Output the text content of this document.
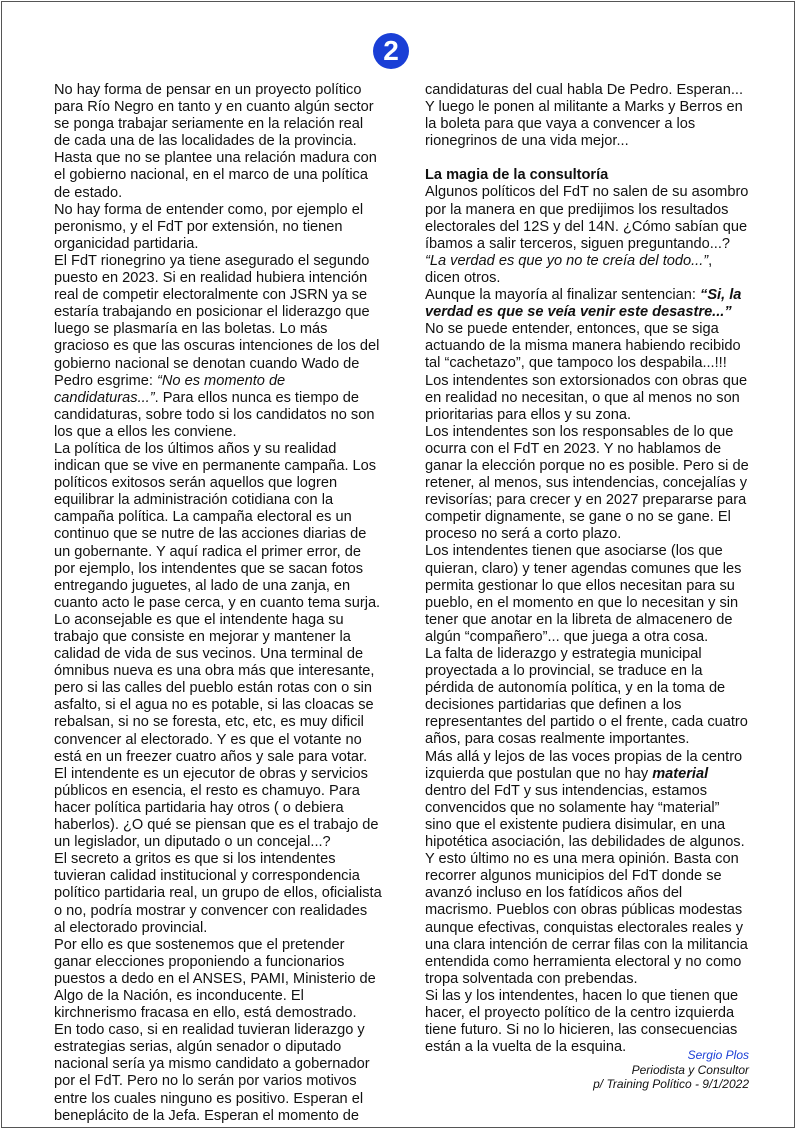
2

No hay forma de pensar en un proyecto político para Río Negro en tanto y en cuanto algún sector se ponga trabajar seriamente en la relación real de cada una de las localidades de la provincia. Hasta que no se plantee una relación madura con el gobierno nacional, en el marco de una política de estado.

No hay forma de entender como, por ejemplo el peronismo, y el FdT por extensión, no tienen organicidad partidaria.

El FdT rionegrino ya tiene asegurado el segundo puesto en 2023. Si en realidad hubiera intención real de competir electoralmente con JSRN ya se estaría trabajando en posicionar el liderazgo que luego se plasmaría en las boletas. Lo más gracioso es que las oscuras intenciones de los del gobierno nacional se denotan cuando Wado de Pedro esgrime: “No es momento de candidaturas...”. Para ellos nunca es tiempo de candidaturas, sobre todo si los candidatos no son los que a ellos les conviene.

La política de los últimos años y su realidad indican que se vive en permanente campaña. Los políticos exitosos serán aquellos que logren equilibrar la administración cotidiana con la campaña política. La campaña electoral es un continuo que se nutre de las acciones diarias de un gobernante. Y aquí radica el primer error, de por ejemplo, los intendentes que se sacan fotos entregando juguetes, al lado de una zanja, en cuanto acto le pase cerca, y en cuanto tema surja. Lo aconsejable es que el intendente haga su trabajo que consiste en mejorar y mantener la calidad de vida de sus vecinos. Una terminal de ómnibus nueva es una obra más que interesante, pero si las calles del pueblo están rotas con o sin asfalto, si el agua no es potable, si las cloacas se rebalsan, si no se foresta, etc, etc, es muy dificil convencer al electorado. Y es que el votante no está en un freezer cuatro años y sale para votar.

El intendente es un ejecutor de obras y servicios públicos en esencia, el resto es chamuyo. Para hacer política partidaria hay otros ( o debiera haberlos). ¿O qué se piensan que es el trabajo de un legislador, un diputado o un concejal...?

El secreto a gritos es que si los intendentes tuvieran calidad institucional y correspondencia político partidaria real, un grupo de ellos, oficialista o no, podría mostrar y convencer con realidades al electorado provincial.

Por ello es que sostenemos que el pretender ganar elecciones proponiendo a funcionarios puestos a dedo en el ANSES, PAMI, Ministerio de Algo de la Nación, es inconducente. El kirchnerismo fracasa en ello, está demostrado.

En todo caso, si en realidad tuvieran liderazgo y estrategias serias, algún senador o diputado nacional sería ya mismo candidato a gobernador por el FdT. Pero no lo serán por varios motivos entre los cuales ninguno es positivo. Esperan el beneplácito de la Jefa. Esperan el momento de

candidaturas del cual habla De Pedro. Esperan... Y luego le ponen al militante a Marks y Berros en la boleta para que vaya a convencer a los rionegrinos de una vida mejor...

La magia de la consultoría

Algunos políticos del FdT no salen de su asombro por la manera en que predijimos los resultados electorales del 12S y del 14N. ¿Cómo sabían que íbamos a salir terceros, siguen preguntando...? “La verdad es que yo no te creía del todo...”, dicen otros.

Aunque la mayoría al finalizar sentencian: “Si, la verdad es que se veía venir este desastre...”

No se puede entender, entonces, que se siga actuando de la misma manera habiendo recibido tal “cachetazo”, que tampoco los despabila...!!!

Los intendentes son extorsionados con obras que en realidad no necesitan, o que al menos no son prioritarias para ellos y su zona.

Los intendentes son los responsables de lo que ocurra con el FdT en 2023. Y no hablamos de ganar la elección porque no es posible. Pero si de retener, al menos, sus intendencias, concejalías y revisorías; para crecer y en 2027 prepararse para competir dignamente, se gane o no se gane. El proceso no será a corto plazo.

Los intendentes tienen que asociarse (los que quieran, claro) y tener agendas comunes que les permita gestionar lo que ellos necesitan para su pueblo, en el momento en que lo necesitan y sin tener que anotar en la libreta de almacenero de algún “compañero”... que juega a otra cosa.

La falta de liderazgo y estrategia municipal proyectada a lo provincial, se traduce en la pérdida de autonomía política, y en la toma de decisiones partidarias que definen a los representantes del partido o el frente, cada cuatro años, para cosas realmente importantes.

Más allá y lejos de las voces propias de la centro izquierda que postulan que no hay material dentro del FdT y sus intendencias, estamos convencidos que no solamente hay “material” sino que el existente pudiera disimular, en una hipotética asociación, las debilidades de algunos.

Y esto último no es una mera opinión. Basta con recorrer algunos municipios del FdT donde se avanzó incluso en los fatídicos años del macrismo. Pueblos con obras públicas modestas aunque efectivas, conquistas electorales reales y una clara intención de cerrar filas con la militancia entendida como herramienta electoral y no como tropa solventada con prebendas.

Si las y los intendentes, hacen lo que tienen que hacer, el proyecto político de la centro izquierda tiene futuro. Si no lo hicieren, las consecuencias están a la vuelta de la esquina.	Sergio Plos
Periodista y Consultor
p/ Training Político - 9/1/2022
